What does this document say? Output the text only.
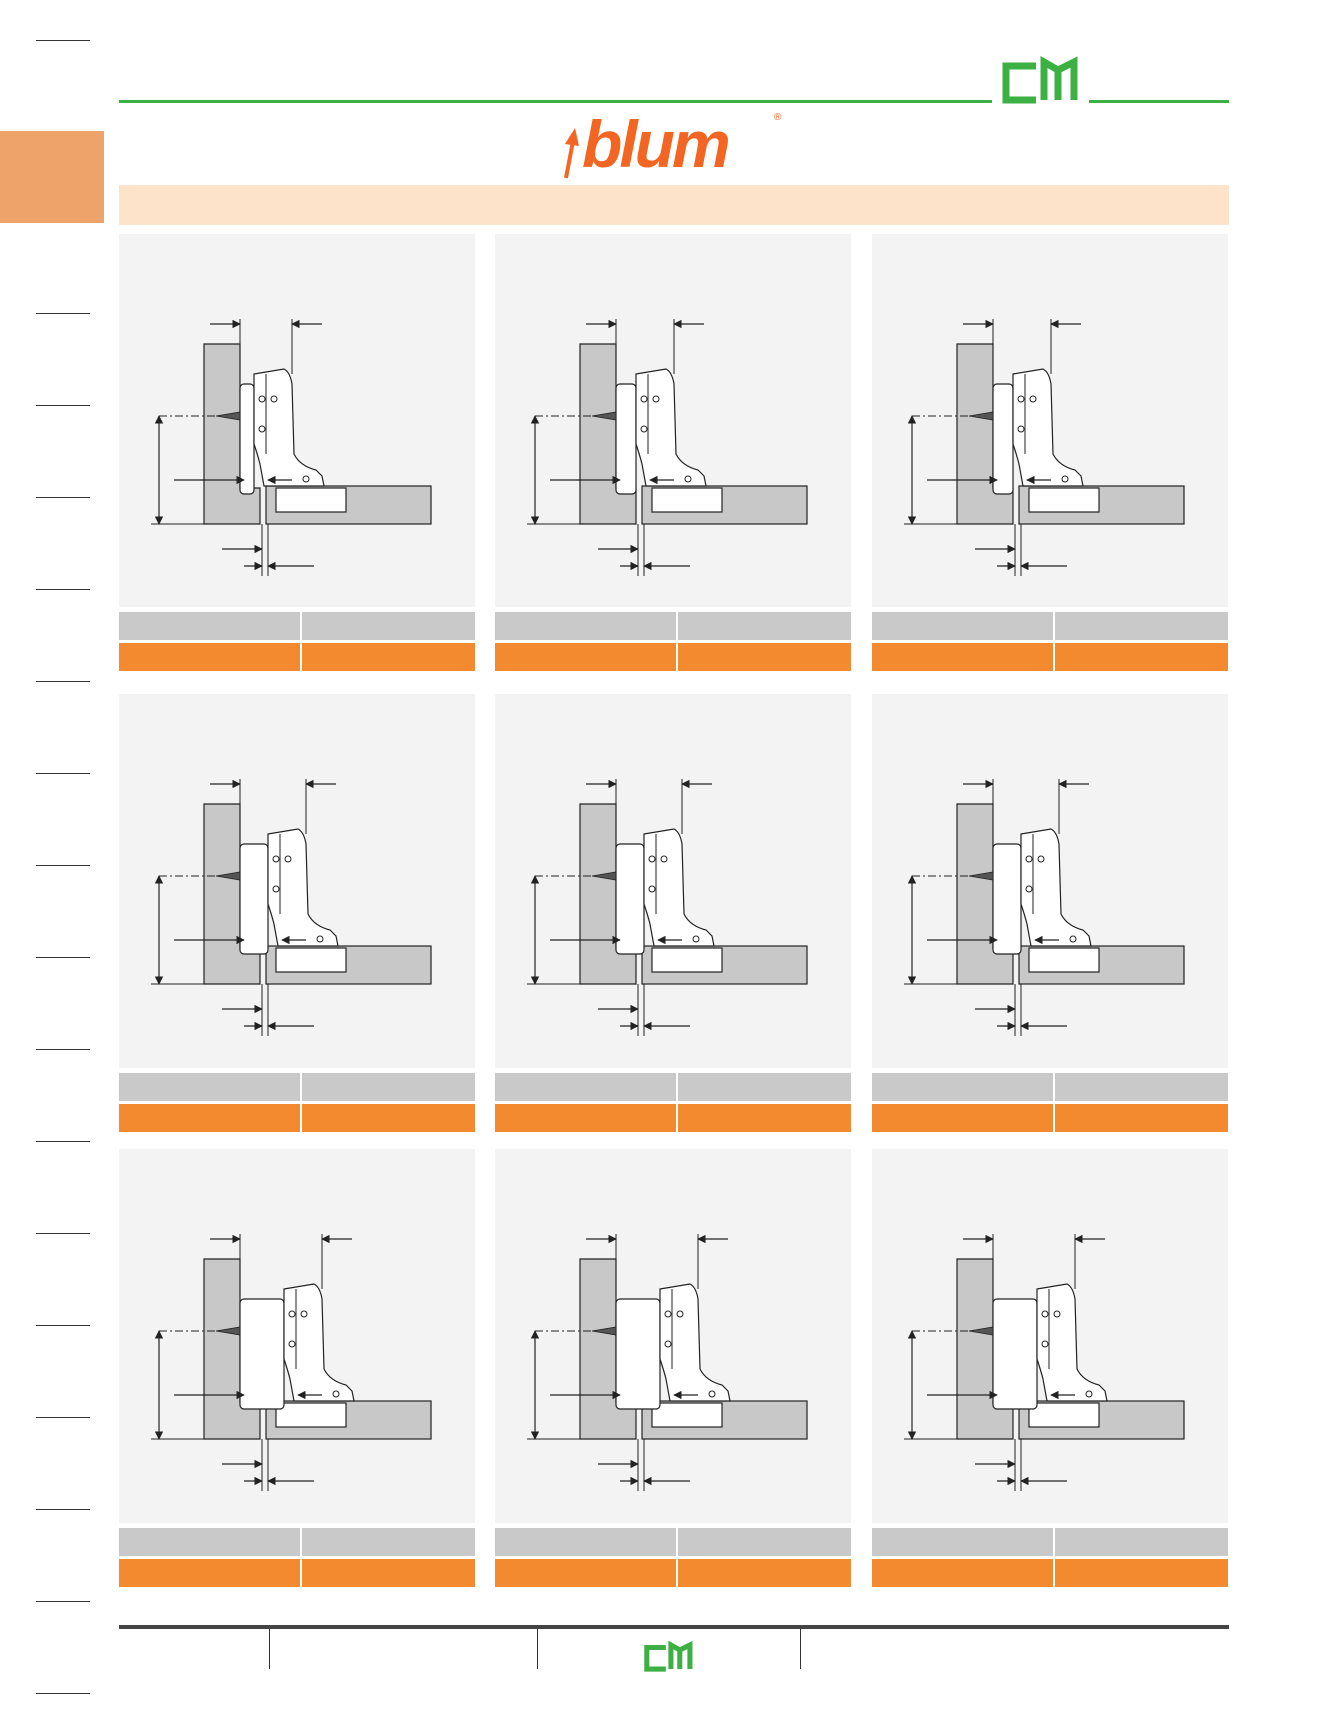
blum	®
